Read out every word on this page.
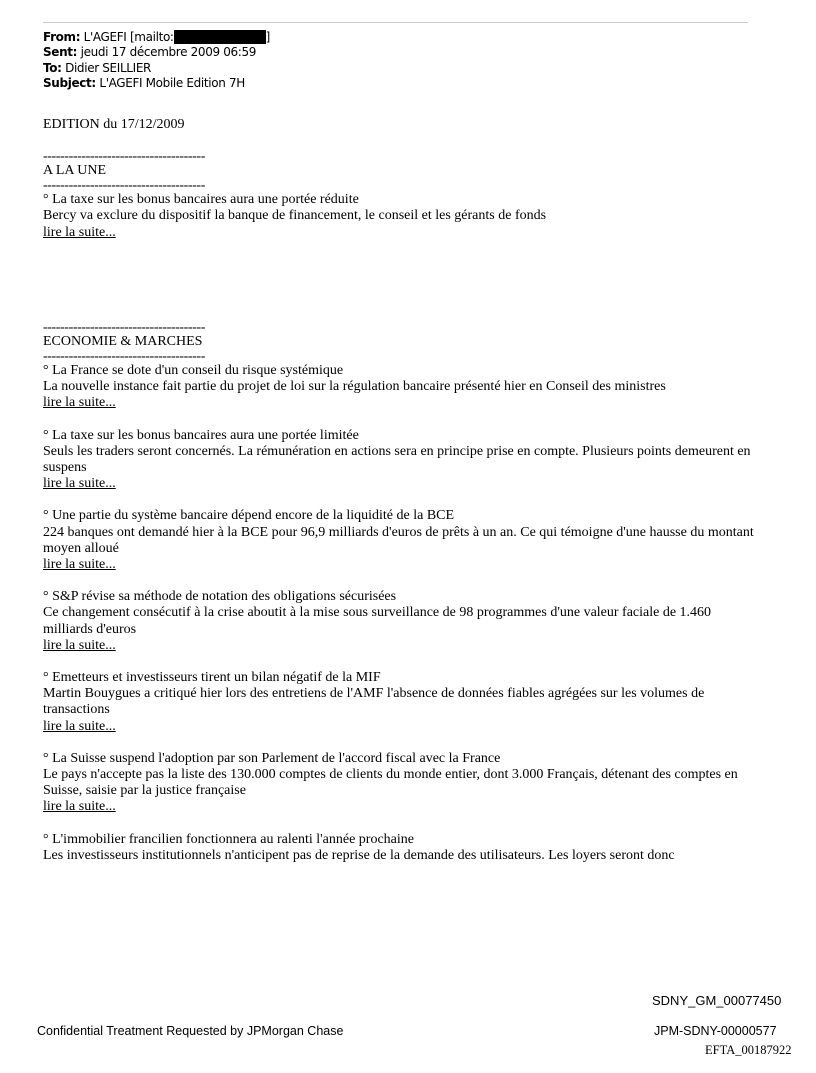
From: L'AGEFI [mailto:	]
Sent: jeudi 17 décembre 2009 06:59
To: Didier SEILLIER
Subject: L'AGEFI Mobile Edition 7H
EDITION du 17/12/2009
--------------------------------------
A LA UNE
--------------------------------------
° La taxe sur les bonus bancaires aura une portée réduite
Bercy va exclure du dispositif la banque de financement, le conseil et les gérants de fonds
lire la suite...
--------------------------------------
ECONOMIE & MARCHES
--------------------------------------
° La France se dote d'un conseil du risque systémique
La nouvelle instance fait partie du projet de loi sur la régulation bancaire présenté hier en Conseil des ministres
lire la suite...
° La taxe sur les bonus bancaires aura une portée limitée
Seuls les traders seront concernés. La rémunération en actions sera en principe prise en compte. Plusieurs points demeurent en suspens
lire la suite...
° Une partie du système bancaire dépend encore de la liquidité de la BCE
224 banques ont demandé hier à la BCE pour 96,9 milliards d'euros de prêts à un an. Ce qui témoigne d'une hausse du montant moyen alloué
lire la suite...
° S&P révise sa méthode de notation des obligations sécurisées
Ce changement consécutif à la crise aboutit à la mise sous surveillance de 98 programmes d'une valeur faciale de 1.460 milliards d'euros
lire la suite...
° Emetteurs et investisseurs tirent un bilan négatif de la MIF
Martin Bouygues a critiqué hier lors des entretiens de l'AMF l'absence de données fiables agrégées sur les volumes de transactions
lire la suite...
° La Suisse suspend l'adoption par son Parlement de l'accord fiscal avec la France
Le pays n'accepte pas la liste des 130.000 comptes de clients du monde entier, dont 3.000 Français, détenant des comptes en Suisse, saisie par la justice française
lire la suite...
° L'immobilier francilien fonctionnera au ralenti l'année prochaine
Les investisseurs institutionnels n'anticipent pas de reprise de la demande des utilisateurs. Les loyers seront donc
SDNY_GM_00077450
Confidential Treatment Requested by JPMorgan Chase	JPM-SDNY-00000577
EFTA_00187922
